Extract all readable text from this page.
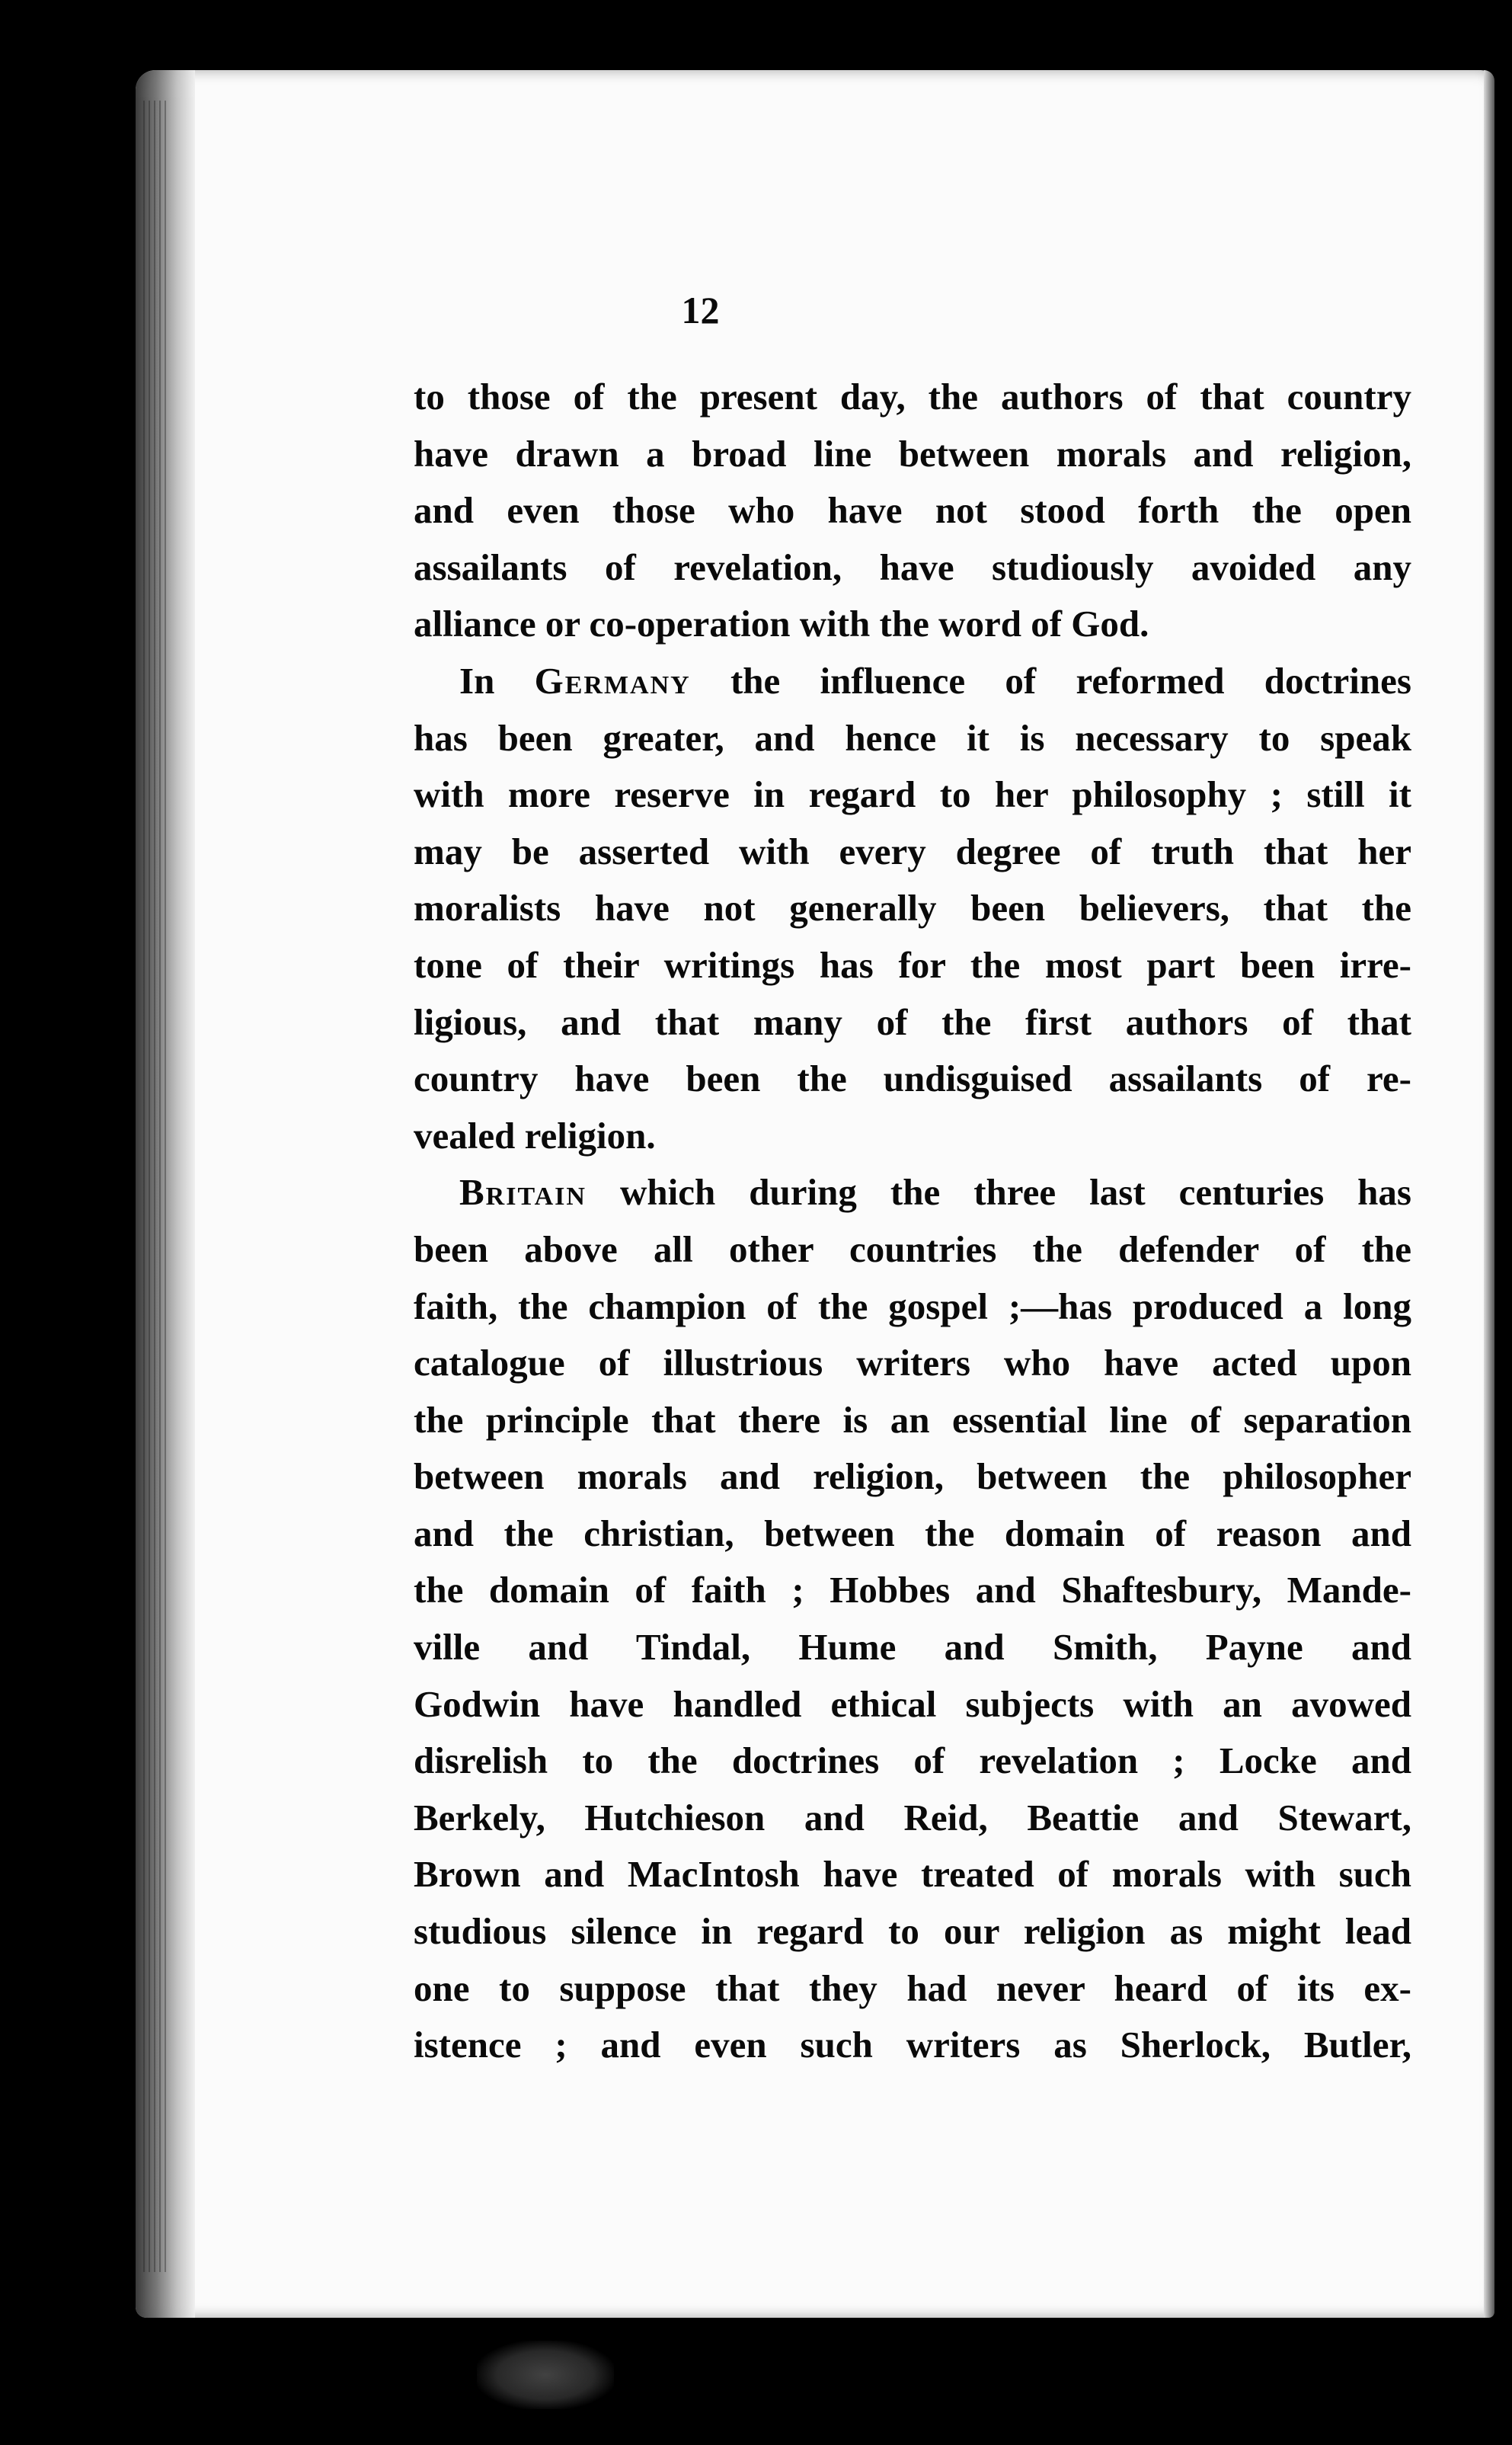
12
to those of the present day, the authors of that country
have drawn a broad line between morals and religion,
and even those who have not stood forth the open
assailants of revelation, have studiously avoided any
alliance or co-operation with the word of God.
In Germany the influence of reformed doctrines
has been greater, and hence it is necessary to speak
with more reserve in regard to her philosophy ; still it
may be asserted with every degree of truth that her
moralists have not generally been believers, that the
tone of their writings has for the most part been irre-
ligious, and that many of the first authors of that
country have been the undisguised assailants of re-
vealed religion.
Britain which during the three last centuries has
been above all other countries the defender of the
faith, the champion of the gospel ;—has produced a long
catalogue of illustrious writers who have acted upon
the principle that there is an essential line of separation
between morals and religion, between the philosopher
and the christian, between the domain of reason and
the domain of faith ; Hobbes and Shaftesbury, Mande-
ville and Tindal, Hume and Smith, Payne and
Godwin have handled ethical subjects with an avowed
disrelish to the doctrines of revelation ; Locke and
Berkely, Hutchieson and Reid, Beattie and Stewart,
Brown and MacIntosh have treated of morals with such
studious silence in regard to our religion as might lead
one to suppose that they had never heard of its ex-
istence ; and even such writers as Sherlock, Butler,
